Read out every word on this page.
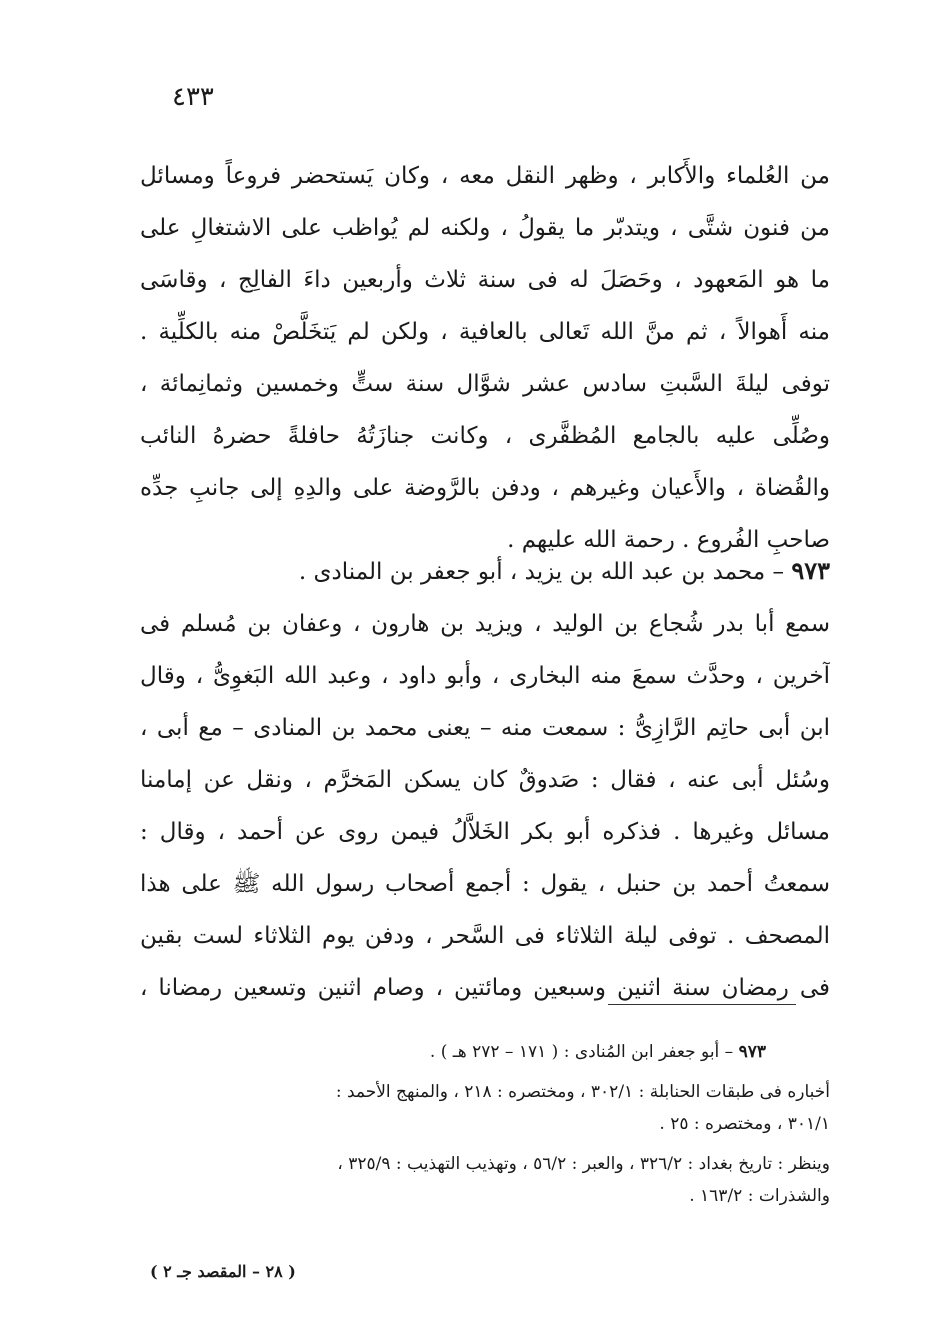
٤٣٣
من العُلماء والأَكابر ، وظهر النقل معه ، وكان يَستحضر فروعاً ومسائل
من فنون شتَّى ، ويتدبّر ما يقولُ ، ولكنه لم يُواظب على الاشتغالِ على
ما هو المَعهود ، وحَصَلَ له فى سنة ثلاث وأربعين داءَ الفالِج ، وقاسَى
منه أَهوالاً ، ثم منَّ الله تَعالى بالعافية ، ولكن لم يَتخَلَّصْ منه بالكلِّية .
توفى ليلةَ السَّبتِ سادس عشر شوَّال سنة ستٍّ وخمسين وثمانِمائة ،
وصُلِّى عليه بالجامع المُظفَّرى ، وكانت جنازَتُهُ حافلةً حضرهُ النائب
والقُضاة ، والأَعيان وغيرهم ، ودفن بالرَّوضة على والدِهِ إلى جانبِ جدِّه
صاحبِ الفُروع . رحمة الله عليهم .
٩٧٣ – محمد بن عبد الله بن يزيد ، أبو جعفر بن المنادى .
سمع أبا بدر شُجاع بن الوليد ، ويزيد بن هارون ، وعفان بن مُسلم فى
آخرين ، وحدَّث سمعَ منه البخارى ، وأبو داود ، وعبد الله البَغوِىُّ ، وقال
ابن أبى حاتِم الرَّازِىُّ : سمعت منه – يعنى محمد بن المنادى – مع أبى ،
وسُئل أبى عنه ، فقال : صَدوقٌ كان يسكن المَخرَّم ، ونقل عن إمامنا
مسائل وغيرها . فذكره أبو بكر الخَلاَّلُ فيمن روى عن أحمد ، وقال :
سمعتُ أحمد بن حنبل ، يقول : أجمع أصحاب رسول الله ﷺ على هذا
المصحف . توفى ليلة الثلاثاء فى السَّحر ، ودفن يوم الثلاثاء لست بقين
فى رمضان سنة اثنين وسبعين ومائتين ، وصام اثنين وتسعين رمضانا ،
٩٧٣ – أبو جعفر ابن المُنادى : ( ١٧١ – ٢٧٢ هـ ) .
أخباره فى طبقات الحنابلة : ٣٠٢/١ ، ومختصره : ٢١٨ ، والمنهج الأحمد :
٣٠١/١ ، ومختصره : ٢٥ .
وينظر : تاريخ بغداد : ٣٢٦/٢ ، والعبر : ٥٦/٢ ، وتهذيب التهذيب : ٣٢٥/٩ ،
والشذرات : ١٦٣/٢ .
( ٢٨ – المقصد جـ ٢ )
